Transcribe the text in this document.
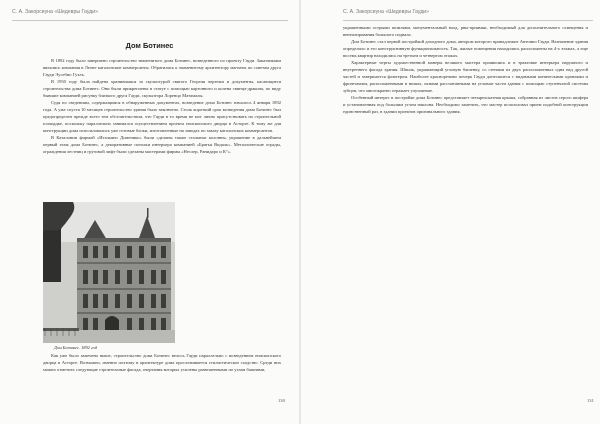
С. А. Закорсиуна «Шедевры Гауди»
Дом Ботинес

В 1892 году было завершено строительство знаменитого дома Ботинес, возведенного по проекту Гауди. Заказчиками являлись компания в Леоне каталонские коммерсанты. Обратились к знаменитому архитектору магнаты по советам друга Гауди Эусебио Гуэль.

В 1950 году была найдена хранившаяся за скульптурой святого Георгия чертежи и документы, касающиеся строительства дома Ботинес. Они были прикреплены в статуе с помощью картонного и колена свинца-дракона, по виду бывшие компанией рисунку близкого друга Гауди, скульптора Лоренцо Матамалы.

Судя по сведениям, содержащимся в обнаруженных документах, возведение дома Ботинес началось 4 января 1892 года. А уже спустя 10 месяцев строительство здания было закончено. Столь короткий срок возведения дома Ботинес был предопределен прежде всего тем обстоятельством, что Гауди в то время не мог лично присутствовать на строительной площадке, поскольку параллельно занимался осуществлением проекта епископского дворца в Асторге. К тому же для конструкции дома использовались уже готовые блоки, изготовленные на заводах по заказу каталонских коммерсантов.

В Каталонии фирмой «Итальяно Доменико» были сделаны также стальные колонны, украшение в дальнейшем первый этаж дома Ботинес, а декоративные потолки интерьера компанией «Братья Видаль». Металлические ограды, ограждения лестниц и грузовой лифт были сделаны мастерами фирмы «Неслер, Ранидаро и К°».

Дом Ботинес. 1892 год

Как уже было замечено выше, строительство дома Ботинес велось Гауди параллельно с возведением епископского дворца в Асторге. Возможно, именно поэтому в архитектуре дома прослеживается стилистическое сходство. Среди них можно отметить следующие строительные фасада, очертания которых усилены развешенными по углам башнями,

130
С. А. Закорсиуна «Шедевры Гауди»

украшенными острыми шпилями, монументальный вход, рвы-приямки, необходимый для дополнительного освещения и вентилирования большого подвала.

Дом Ботинес стал первой постройкой доходного дома, автором которого принадлежит Антонио Гауди. Назначение здания определило и его конструктивную функциональность. Так, жилые помещения находились расположены на 4-х этажах, а еще восемь квартир находились на третьем и четвертом этажах.

Характерные черты художественной манеры великого мастера проявились и в трактовке интерьера наружного и внутреннего фасада здания. Шпиль, украшающий угловую башенку, со стенами из двух расположенных одна над другой частей и завершается флюгером. Наиболее красноречиво почерк Гауди донесшиеся с видимыми коническими кровлями и фронтонами, расположенными в нишах, окнами рассчитанными на угловые части здания с помощью ступенчатой системы зубцов, что многократно отражает улучшение.

Особенный интерес в постройке дома Ботинес представляет четырехскатная крыша, собранная из листов серого шифера и установленная под большим углом наклона. Необходимо заметить, что мастер использовал прием подобной конструкции единственный раз, в здании проектов оригинального здания.

131
